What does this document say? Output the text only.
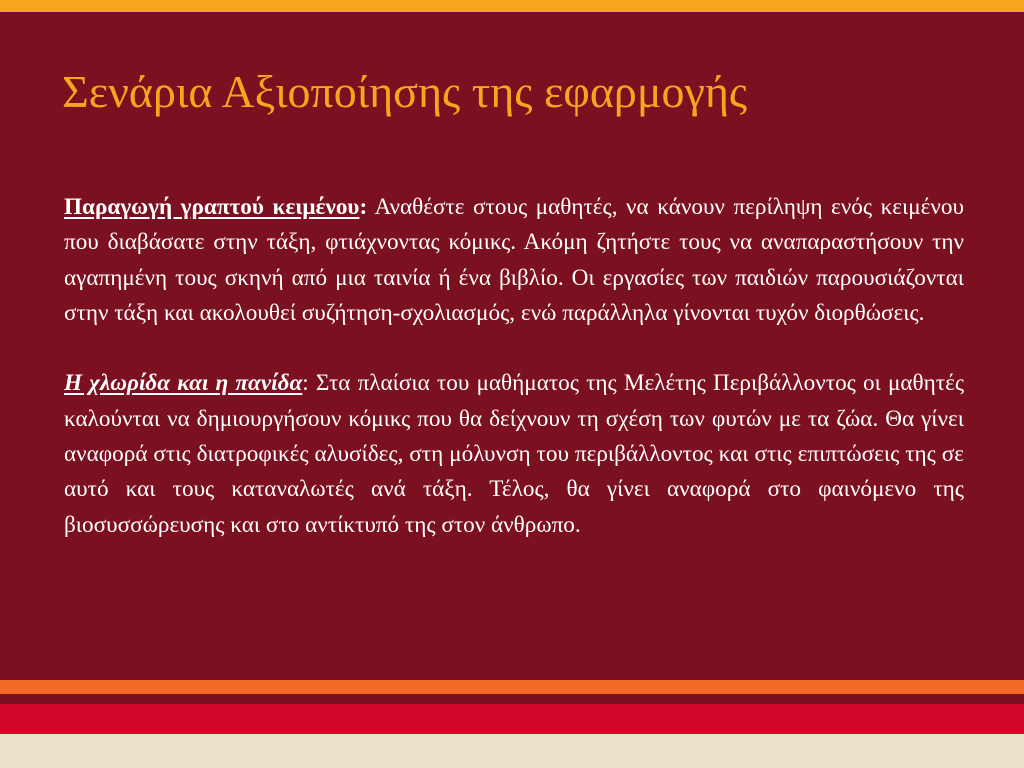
Σενάρια Αξιοποίησης της εφαρμογής

Παραγωγή γραπτού κειμένου: Αναθέστε στους μαθητές, να κάνουν περίληψη ενός κειμένου που διαβάσατε στην τάξη, φτιάχνοντας κόμικς. Ακόμη ζητήστε τους να αναπαραστήσουν την αγαπημένη τους σκηνή από μια ταινία ή ένα βιβλίο. Οι εργασίες των παιδιών παρουσιάζονται στην τάξη και ακολουθεί συζήτηση-σχολιασμός, ενώ παράλληλα γίνονται τυχόν διορθώσεις.

Η χλωρίδα και η πανίδα: Στα πλαίσια του μαθήματος της Μελέτης Περιβάλλοντος οι μαθητές καλούνται να δημιουργήσουν κόμικς που θα δείχνουν τη σχέση των φυτών με τα ζώα. Θα γίνει αναφορά στις διατροφικές αλυσίδες, στη μόλυνση του περιβάλλοντος και στις επιπτώσεις της σε αυτό και τους καταναλωτές ανά τάξη. Τέλος, θα γίνει αναφορά στο φαινόμενο της βιοσυσσώρευσης και στο αντίκτυπό της στον άνθρωπο.
